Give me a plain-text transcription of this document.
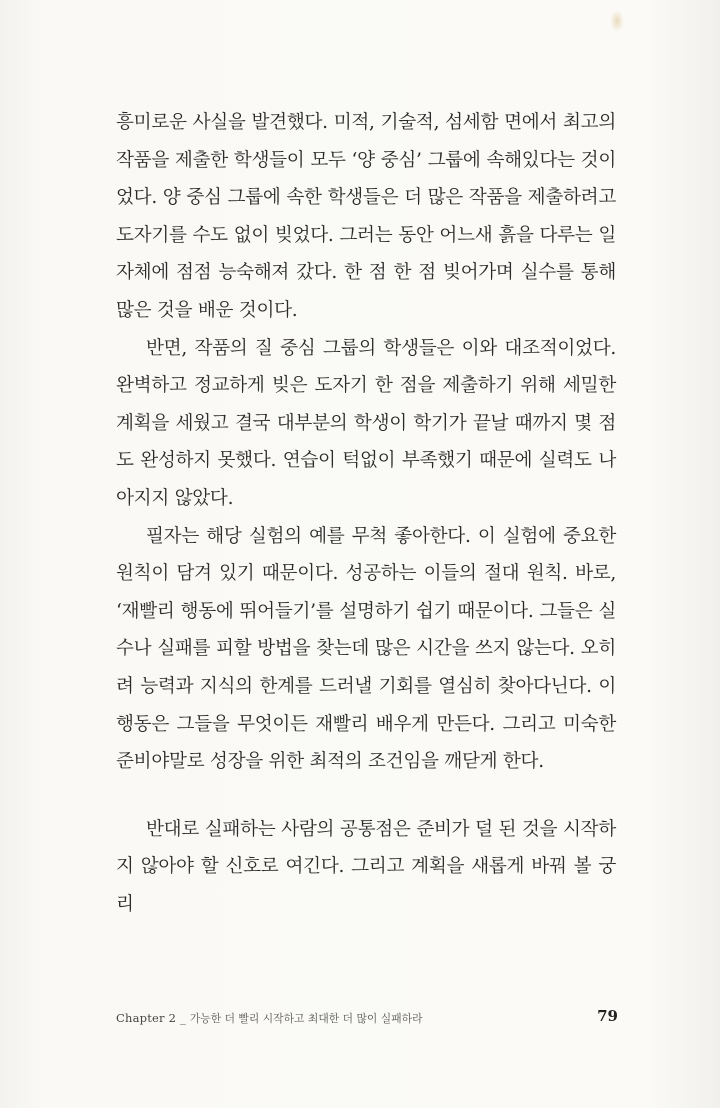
흥미로운 사실을 발견했다. 미적, 기술적, 섬세함 면에서 최고의 작품을 제출한 학생들이 모두 ‘양 중심’ 그룹에 속해있다는 것이었다. 양 중심 그룹에 속한 학생들은 더 많은 작품을 제출하려고 도자기를 수도 없이 빚었다. 그러는 동안 어느새 흙을 다루는 일 자체에 점점 능숙해져 갔다. 한 점 한 점 빚어가며 실수를 통해 많은 것을 배운 것이다.

반면, 작품의 질 중심 그룹의 학생들은 이와 대조적이었다. 완벽하고 정교하게 빚은 도자기 한 점을 제출하기 위해 세밀한 계획을 세웠고 결국 대부분의 학생이 학기가 끝날 때까지 몇 점도 완성하지 못했다. 연습이 턱없이 부족했기 때문에 실력도 나아지지 않았다.

필자는 해당 실험의 예를 무척 좋아한다. 이 실험에 중요한 원칙이 담겨 있기 때문이다. 성공하는 이들의 절대 원칙. 바로, ‘재빨리 행동에 뛰어들기’를 설명하기 쉽기 때문이다. 그들은 실수나 실패를 피할 방법을 찾는데 많은 시간을 쓰지 않는다. 오히려 능력과 지식의 한계를 드러낼 기회를 열심히 찾아다닌다. 이 행동은 그들을 무엇이든 재빨리 배우게 만든다. 그리고 미숙한 준비야말로 성장을 위한 최적의 조건임을 깨닫게 한다.

반대로 실패하는 사람의 공통점은 준비가 덜 된 것을 시작하지 않아야 할 신호로 여긴다. 그리고 계획을 새롭게 바꿔 볼 궁리

Chapter 2 _ 가능한 더 빨리 시작하고 최대한 더 많이 실패하라	79
